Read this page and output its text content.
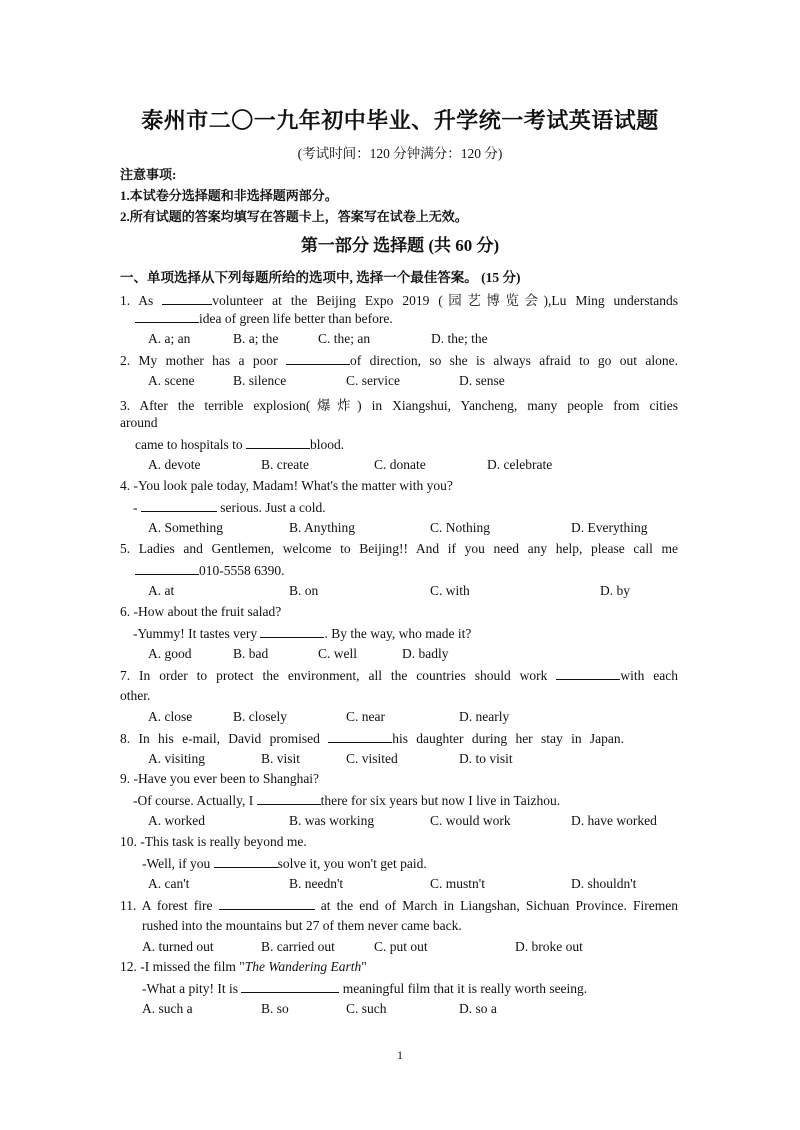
泰州市二〇一九年初中毕业、升学统一考试英语试题
(考试时间：120 分钟满分：120 分)
注意事项:
1.本试卷分选择题和非选择题两部分。
2.所有试题的答案均填写在答题卡上，答案写在试卷上无效。
第一部分 选择题 (共 60 分)
一、单项选择从下列每题所给的选项中, 选择一个最佳答案。 (15 分)
1. As	volunteer at the Beijing Expo 2019 (园艺博览会),Lu Ming understands
idea of green life better than before.
A. a; an	B. a; the	C. the; an	D. the; the
2. My mother has a poor	of direction, so she is always afraid to go out alone.
A. scene	B. silence	C. service	D. sense
3. After the terrible explosion(爆炸) in Xiangshui, Yancheng, many people from cities
around
came to hospitals to	blood.
A. devote	B. create	C. donate	D. celebrate
4. -You look pale today, Madam! What's the matter with you?
-	serious. Just a cold.
A. Something	B. Anything	C. Nothing	D. Everything
5. Ladies and Gentlemen, welcome to Beijing!! And if you need any help, please call me
010-5558 6390.
A. at	B. on	C. with	D. by
6. -How about the fruit salad?
-Yummy! It tastes very	. By the way, who made it?
A. good	B. bad	C. well	D. badly
7. In order to protect the environment, all the countries should work	with each
other.
A. close	B. closely	C. near	D. nearly
8. In his e-mail, David promised	his daughter during her stay in Japan.
A. visiting	B. visit	C. visited	D. to visit
9. -Have you ever been to Shanghai?
-Of course. Actually, I	there for six years but now I live in Taizhou.
A. worked	B. was working	C. would work	D. have worked
10. -This task is really beyond me.
-Well, if you	solve it, you won't get paid.
A. can't	B. needn't	C. mustn't	D. shouldn't
11. A forest fire	at the end of March in Liangshan, Sichuan Province. Firemen
rushed into the mountains but 27 of them never came back.
A. turned out	B. carried out	C. put out	D. broke out
12. -I missed the film "The Wandering Earth"
-What a pity! It is	meaningful film that it is really worth seeing.
A. such a	B. so	C. such	D. so a
1
